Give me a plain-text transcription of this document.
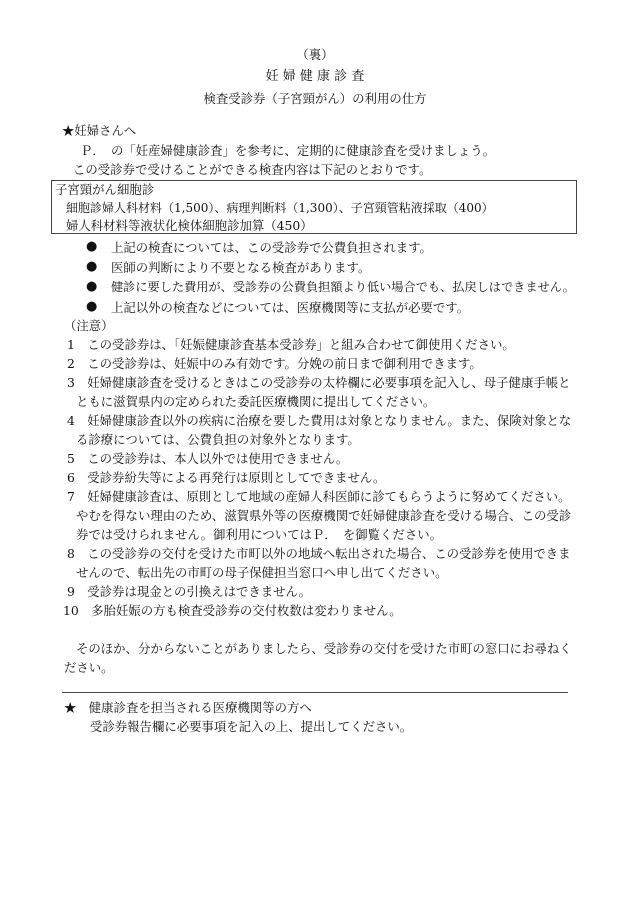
（裏）
妊 婦 健 康 診 査
検査受診券（子宮頸がん）の利用の仕方
★妊婦さんへ
Ｐ．　の「妊産婦健康診査」を参考に、定期的に健康診査を受けましょう。
この受診券で受けることができる検査内容は下記のとおりです。
子宮頸がん細胞診
細胞診婦人科材料（1,500）、病理判断料（1,300）、子宮頸管粘液採取（400）
婦人科材料等液状化検体細胞診加算（450）
● 上記の検査については、この受診券で公費負担されます。
● 医師の判断により不要となる検査があります。
● 健診に要した費用が、受診券の公費負担額より低い場合でも、払戻しはできません。
● 上記以外の検査などについては、医療機関等に支払が必要です。
（注意）
1　この受診券は、「妊娠健康診査基本受診券」と組み合わせて御使用ください。
2　この受診券は、妊娠中のみ有効です。分娩の前日まで御利用できます。
3　妊婦健康診査を受けるときはこの受診券の太枠欄に必要事項を記入し、母子健康手帳と
ともに滋賀県内の定められた委託医療機関に提出してください。
4　妊婦健康診査以外の疾病に治療を要した費用は対象となりません。また、保険対象とな
る診療については、公費負担の対象外となります。
5　この受診券は、本人以外では使用できません。
6　受診券紛失等による再発行は原則としてできません。
7　妊婦健康診査は、原則として地域の産婦人科医師に診てもらうように努めてください。
やむを得ない理由のため、滋賀県外等の医療機関で妊婦健康診査を受ける場合、この受診
券では受けられません。御利用についてはＰ．　を御覧ください。
8　この受診券の交付を受けた市町以外の地域へ転出された場合、この受診券を使用できま
せんので、転出先の市町の母子保健担当窓口へ申し出てください。
9　受診券は現金との引換えはできません。
10　多胎妊娠の方も検査受診券の交付枚数は変わりません。
そのほか、分からないことがありましたら、受診券の交付を受けた市町の窓口にお尋ねく
ださい。
★　健康診査を担当される医療機関等の方へ
受診券報告欄に必要事項を記入の上、提出してください。
